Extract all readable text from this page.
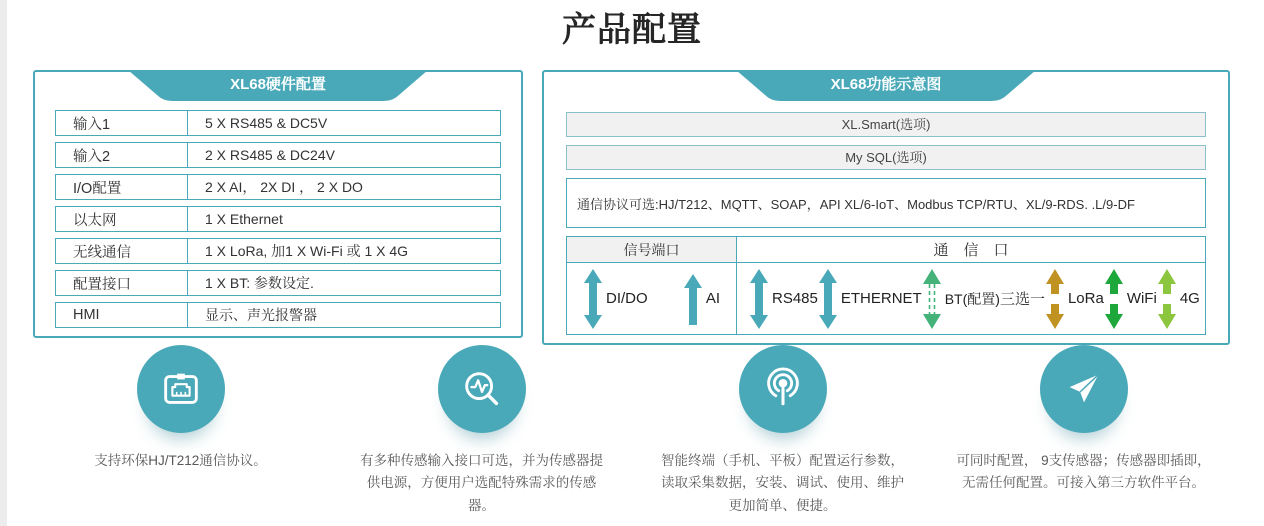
产品配置
XL68硬件配置
输入1	5 X RS485 & DC5V
输入2	2 X RS485 & DC24V
I/O配置	2 X AI， 2X DI ， 2 X DO
以太网	1 X Ethernet
无线通信	1 X LoRa, 加1 X Wi-Fi 或 1 X 4G
配置接口	1 X BT: 参数设定.
HMI	显示、声光报警器
XL68功能示意图
XL.Smart(选项)
My SQL(选项)
通信协议可选:HJ/T212、MQTT、SOAP，API XL/6-IoT、Modbus TCP/RTU、XL/9-RDS. .L/9-DF
信号端口	通　信　口
DI/DO	AI	RS485 ETHERNET BT(配置) 三选一 LoRa WiFi 4G

支持环保HJ/T212通信协议。	有多种传感输入接口可选，并为传感器提供电源，方便用户选配特殊需求的传感器。

智能终端（手机、平板）配置运行参数，读取采集数据，安装、调试、使用、维护更加简单、便捷。

可同时配置， 9支传感器；传感器即插即，无需任何配置。可接入第三方软件平台。
